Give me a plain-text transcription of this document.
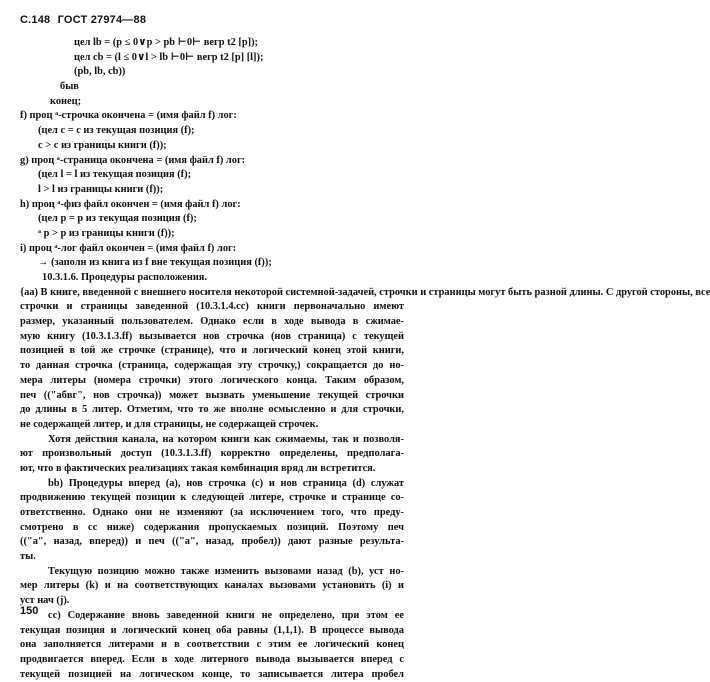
C.148 ГОСТ 27974—88
цел lb = (p ≤ 0∨p > pb ⊢0⊢ вегр t2 [p]);
цел cb = (l ≤ 0∨l > lb ⊢0⊢ вегр t2 [p] [l]);
(pb, lb, cb))
быв
конец;
f) проц ᵃ-строчка окончена = (имя файл f) лог:
(цел c = c из текущая позиция (f);
c > c из границы книги (f));
g) проц ᵃ-страница окончена = (имя файл f) лог:
(цел l = l из текущая позиция (f);
l > l из границы книги (f));
h) проц ᵃ-физ файл окончен = (имя файл f) лог:
(цел p = p из текущая позиция (f);
ᵃ p > p из границы книги (f));
i) проц ᵃ-лог файл окончен = (имя файл f) лог:
→ (заполн из книга из f вне текущая позиция (f));
10.3.1.6. Процедуры расположения.
{aa) В книге, введенной с внешнего носителя некоторой системной-задачей, строчки и страницы могут быть разной длины. С другой стороны, все
строчки и страницы заведенной (10.3.1.4.cc) книги первоначально имеют
размер, указанный пользователем. Однако если в ходе вывода в сжимае-
мую книгу (10.3.1.3.ff) вызывается нов строчка (нов страница) с текущей
позицией в toй же строчке (странице), что и логический конец этой книги,
то данная строчка (страница, содержащая эту строчку,) сокращается до но-
мера литеры (номера строчки) этого логического конца. Таким образом,
печ (("абвг", нов строчка)) может вызвать уменьшение текущей строчки
до длины в 5 литер. Отметим, что то же вполне осмысленно и для строчки,
не содержащей литер, и для страницы, не содержащей строчек.
Хотя действия канала, на котором книги как сжимаемы, так и позволя-
ют произвольный доступ (10.3.1.3.ff) корректно определены, предполага-
ют, что в фактических реализациях такая комбинация вряд ли встретится.
bb) Процедуры вперед (a), нов строчка (c) и нов страница (d) служат
продвижению текущей позиции к следующей литере, строчке и странице со-
ответственно. Однако они не изменяют (за исключением того, что преду-
смотрено в cc ниже) содержания пропускаемых позиций. Поэтому печ
(("a", назад, вперед)) и печ (("a", назад, пробел)) дают разные результа-
ты.
Текущую позицию можно также изменить вызовами назад (b), уст но-
мер литеры (k) и на соответствующих каналах вызовами установить (i) и
уст нач (j).
cc) Содержание вновь заведенной книги не определено, при этом ее
текущая позиция и логический конец оба равны (1,1,1). В процессе вывода
она заполняется литерами и в соответствии с этим ее логический конец
продвигается вперед. Если в ходе литерного вывода вызывается вперед с
текущей позицией на логическом конце, то записывается литера пробел
150
